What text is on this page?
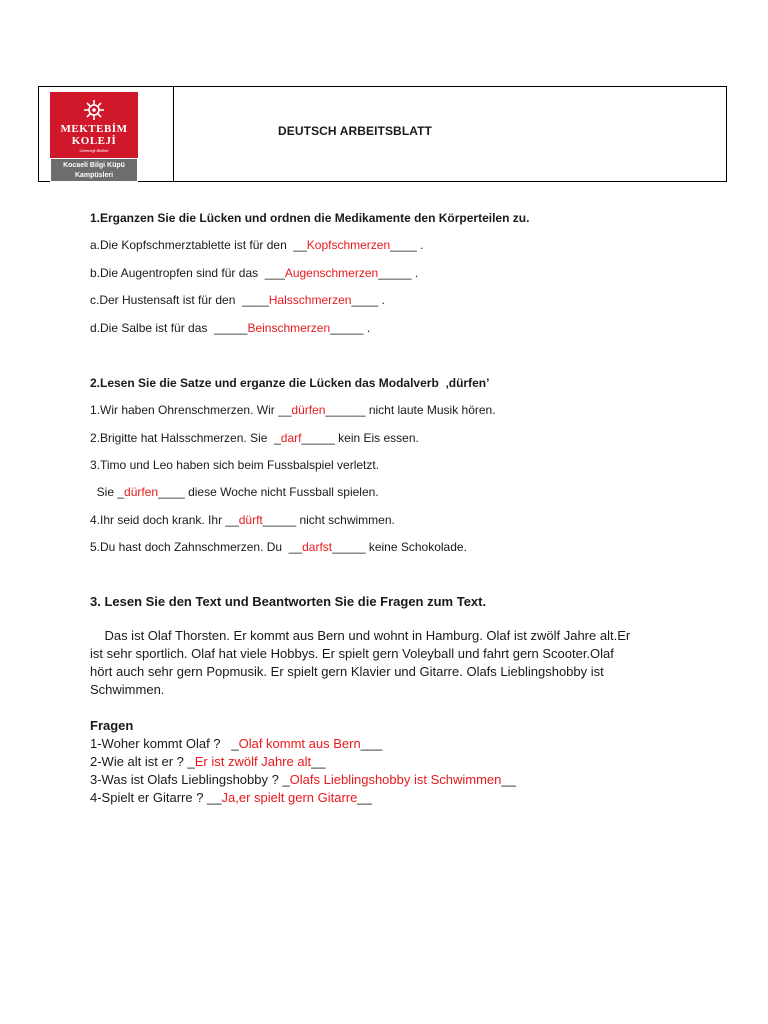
MEKTEBİM
KOLEJİ
Geleceği Birlikte
Kocaeli Bilgi Küpü
Kampüsleri
DEUTSCH ARBEITSBLATT
1.Erganzen Sie die Lücken und ordnen die Medikamente den Körperteilen zu.
a.Die Kopfschmerztablette ist für den  __Kopfschmerzen____ .
b.Die Augentropfen sind für das  ___Augenschmerzen_____ .
c.Der Hustensaft ist für den  ____Halsschmerzen____ .
d.Die Salbe ist für das  _____Beinschmerzen_____ .
2.Lesen Sie die Satze und erganze die Lücken das Modalverb  ‚dürfen’
1.Wir haben Ohrenschmerzen. Wir __dürfen______ nicht laute Musik hören.
2.Brigitte hat Halsschmerzen. Sie  _darf_____ kein Eis essen.
3.Timo und Leo haben sich beim Fussbalspiel verletzt.
Sie _dürfen____ diese Woche nicht Fussball spielen.
4.Ihr seid doch krank. Ihr __dürft_____ nicht schwimmen.
5.Du hast doch Zahnschmerzen. Du  __darfst_____ keine Schokolade.
3. Lesen Sie den Text und Beantworten Sie die Fragen zum Text.
Das ist Olaf Thorsten. Er kommt aus Bern und wohnt in Hamburg. Olaf ist zwölf Jahre alt.Er
ist sehr sportlich. Olaf hat viele Hobbys. Er spielt gern Voleyball und fahrt gern Scooter.Olaf
hört auch sehr gern Popmusik. Er spielt gern Klavier und Gitarre. Olafs Lieblingshobby ist
Schwimmen.
Fragen
1-Woher kommt Olaf ?   _Olaf kommt aus Bern___
2-Wie alt ist er ? _Er ist zwölf Jahre alt__
3-Was ist Olafs Lieblingshobby ? _Olafs Lieblingshobby ist Schwimmen__
4-Spielt er Gitarre ? __Ja,er spielt gern Gitarre__
